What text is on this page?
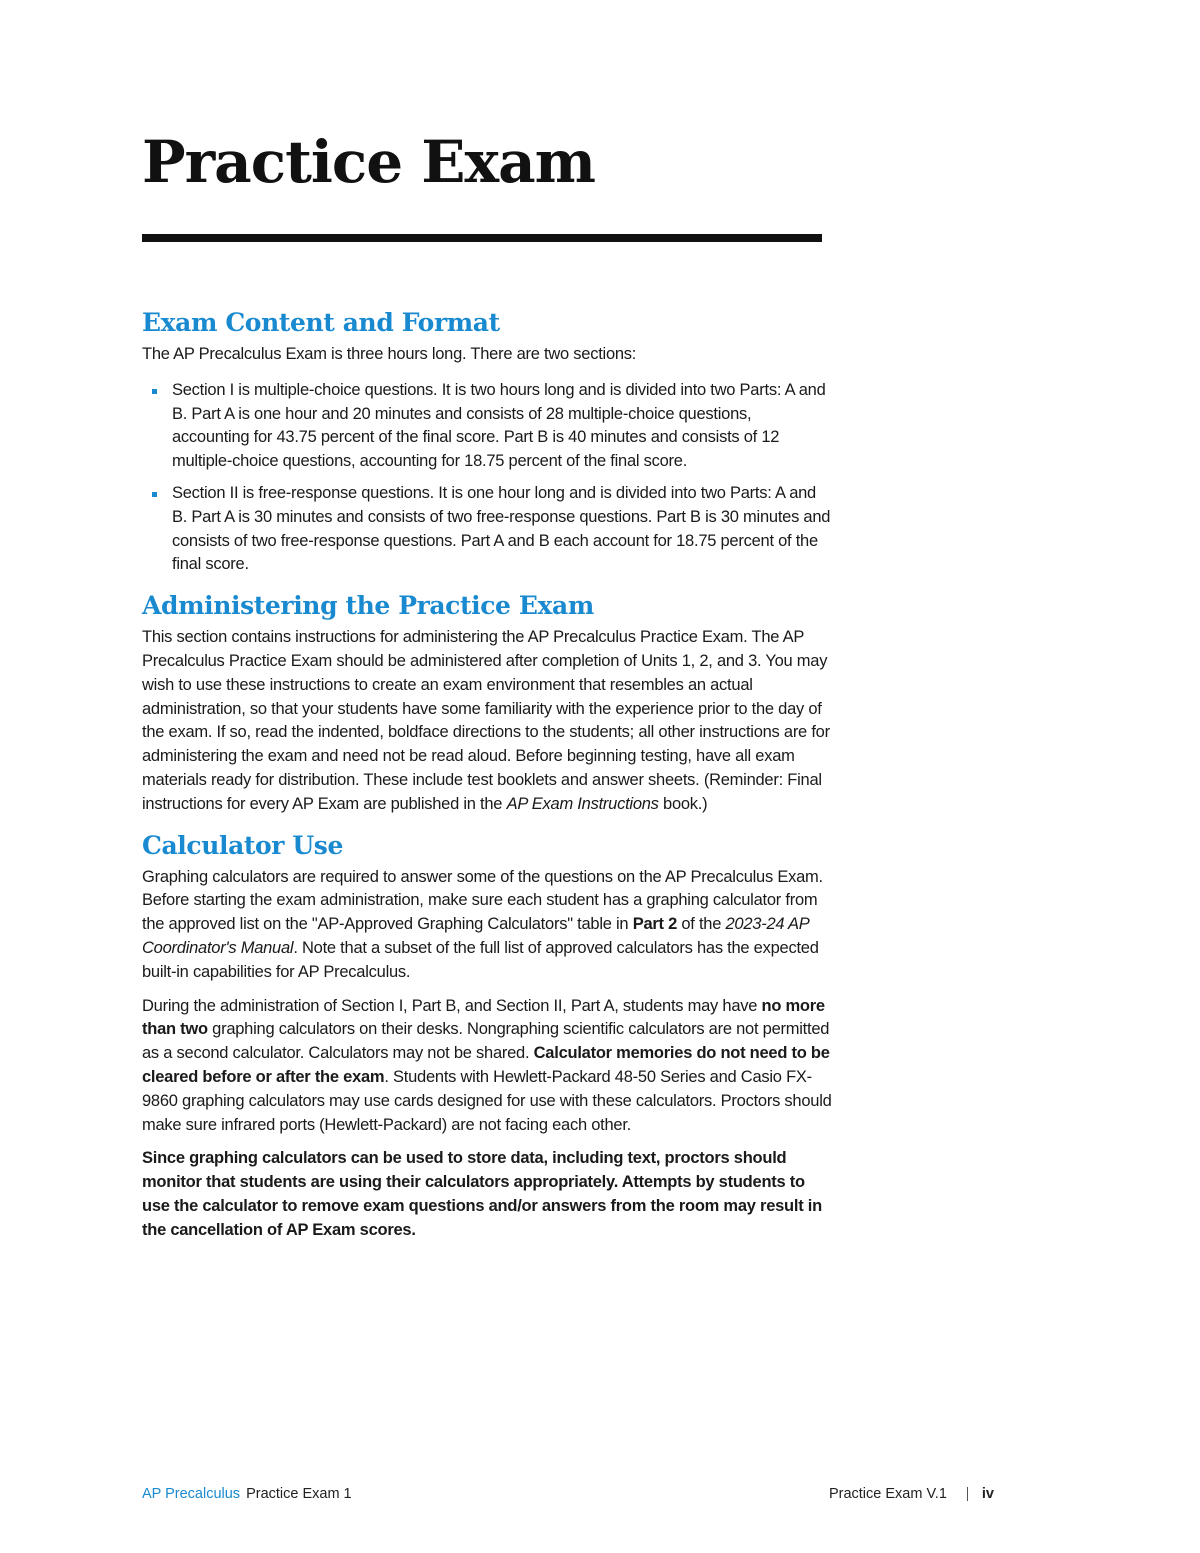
Practice Exam
Exam Content and Format

The AP Precalculus Exam is three hours long. There are two sections:

Section I is multiple-choice questions. It is two hours long and is divided into two Parts: A and B. Part A is one hour and 20 minutes and consists of 28 multiple-choice questions, accounting for 43.75 percent of the final score. Part B is 40 minutes and consists of 12 multiple-choice questions, accounting for 18.75 percent of the final score.
Section II is free-response questions. It is one hour long and is divided into two Parts: A and B. Part A is 30 minutes and consists of two free-response questions. Part B is 30 minutes and consists of two free-response questions. Part A and B each account for 18.75 percent of the final score.
Administering the Practice Exam

This section contains instructions for administering the AP Precalculus Practice Exam. The AP Precalculus Practice Exam should be administered after completion of Units 1, 2, and 3. You may wish to use these instructions to create an exam environment that resembles an actual administration, so that your students have some familiarity with the experience prior to the day of the exam. If so, read the indented, boldface directions to the students; all other instructions are for administering the exam and need not be read aloud. Before beginning testing, have all exam materials ready for distribution. These include test booklets and answer sheets. (Reminder: Final instructions for every AP Exam are published in the AP Exam Instructions book.)

Calculator Use

Graphing calculators are required to answer some of the questions on the AP Precalculus Exam. Before starting the exam administration, make sure each student has a graphing calculator from the approved list on the "AP-Approved Graphing Calculators" table in Part 2 of the 2023-24 AP Coordinator's Manual. Note that a subset of the full list of approved calculators has the expected built-in capabilities for AP Precalculus.

During the administration of Section I, Part B, and Section II, Part A, students may have no more than two graphing calculators on their desks. Nongraphing scientific calculators are not permitted as a second calculator. Calculators may not be shared. Calculator memories do not need to be cleared before or after the exam. Students with Hewlett-Packard 48-50 Series and Casio FX-9860 graphing calculators may use cards designed for use with these calculators. Proctors should make sure infrared ports (Hewlett-Packard) are not facing each other.

Since graphing calculators can be used to store data, including text, proctors should monitor that students are using their calculators appropriately. Attempts by students to use the calculator to remove exam questions and/or answers from the room may result in the cancellation of AP Exam scores.

AP Precalculus Practice Exam 1	Practice Exam V.1 iv
